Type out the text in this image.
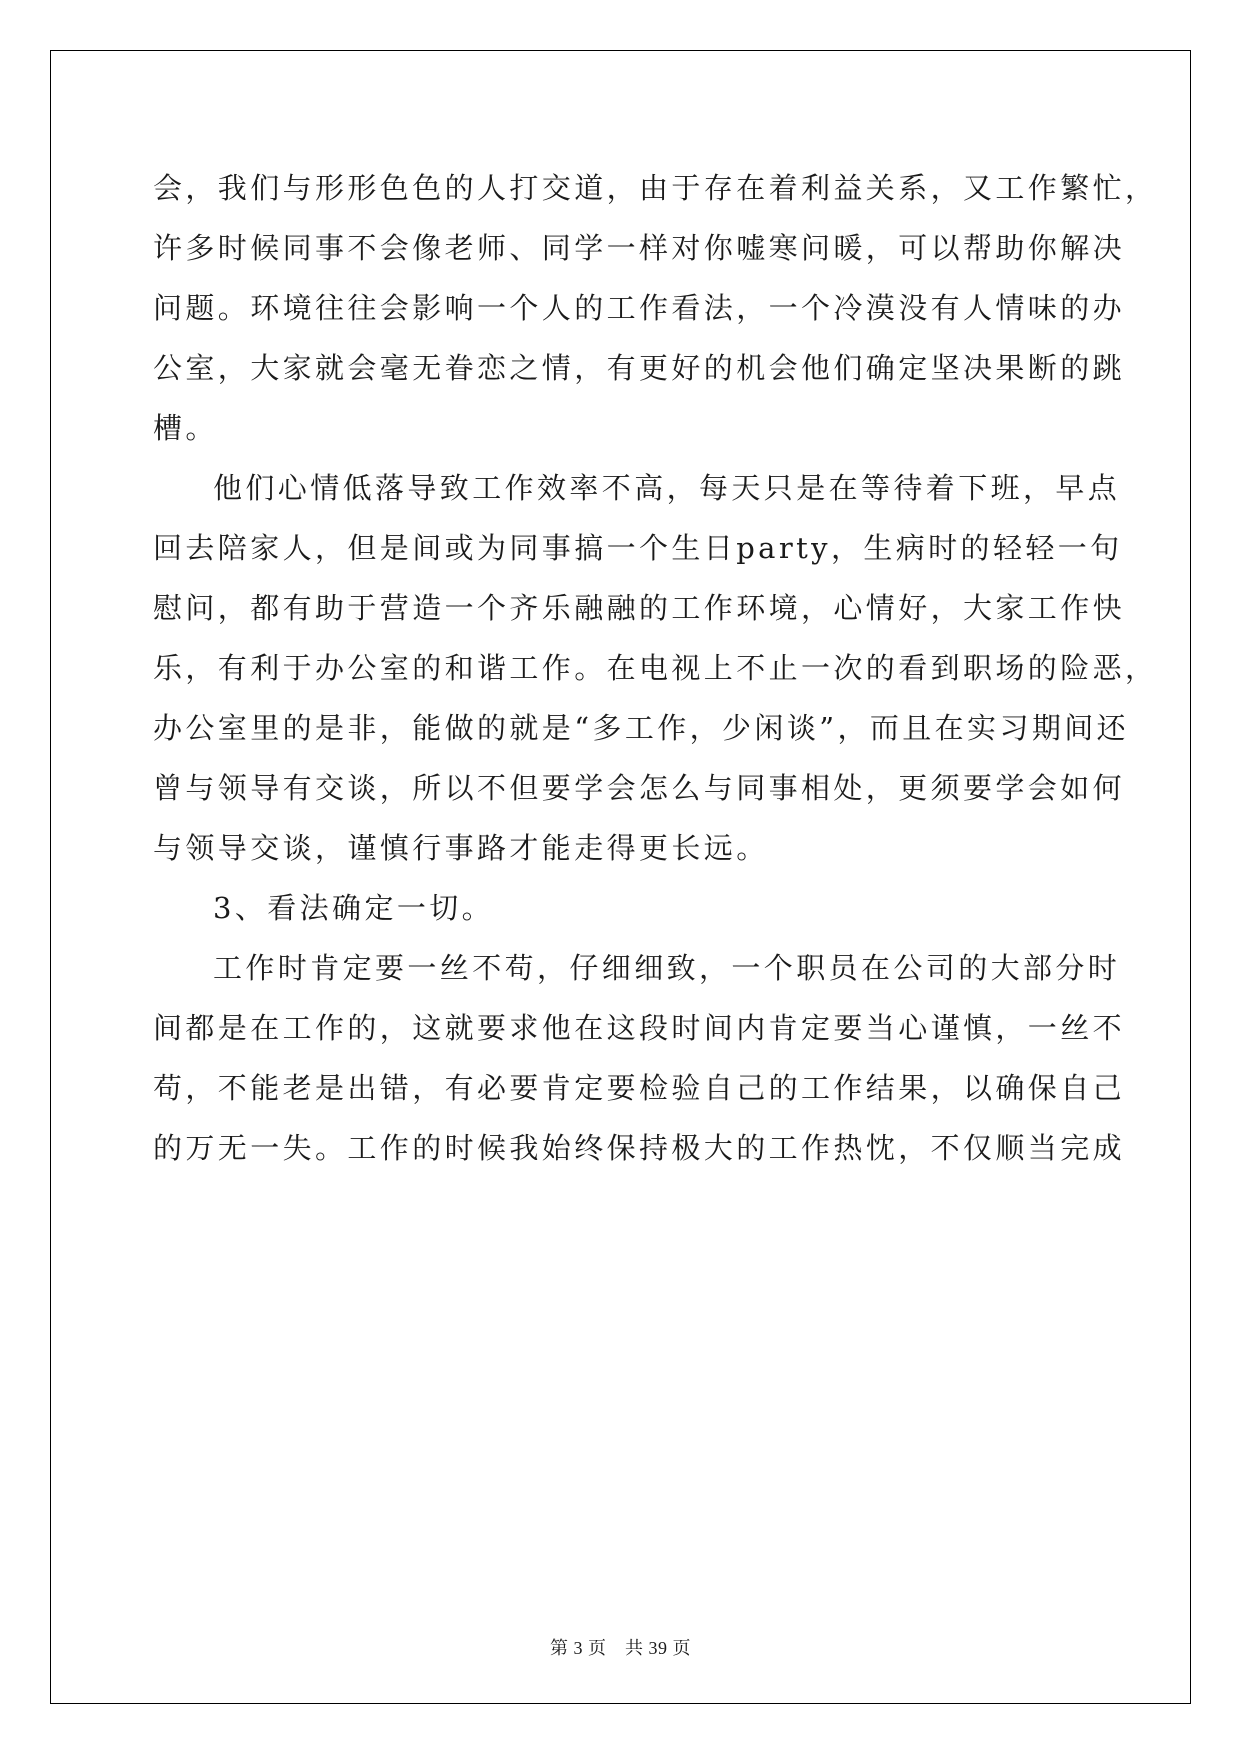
会，我们与形形色色的人打交道，由于存在着利益关系，又工作繁忙，
许多时候同事不会像老师、同学一样对你嘘寒问暖，可以帮助你解决
问题。环境往往会影响一个人的工作看法，一个冷漠没有人情味的办
公室，大家就会毫无眷恋之情，有更好的机会他们确定坚决果断的跳
槽。
他们心情低落导致工作效率不高，每天只是在等待着下班，早点
回去陪家人，但是间或为同事搞一个生日party，生病时的轻轻一句
慰问，都有助于营造一个齐乐融融的工作环境，心情好，大家工作快
乐，有利于办公室的和谐工作。在电视上不止一次的看到职场的险恶，
办公室里的是非，能做的就是“多工作，少闲谈”，而且在实习期间还
曾与领导有交谈，所以不但要学会怎么与同事相处，更须要学会如何
与领导交谈，谨慎行事路才能走得更长远。
3、看法确定一切。
工作时肯定要一丝不苟，仔细细致，一个职员在公司的大部分时
间都是在工作的，这就要求他在这段时间内肯定要当心谨慎，一丝不
苟，不能老是出错，有必要肯定要检验自己的工作结果，以确保自己
的万无一失。工作的时候我始终保持极大的工作热忱，不仅顺当完成
第 3 页　共 39 页
